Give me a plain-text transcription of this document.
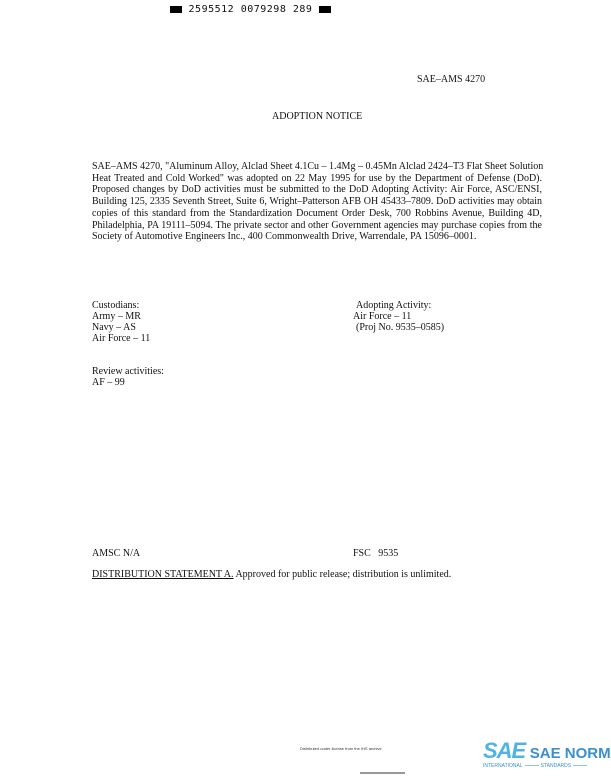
2595512 0079298 289
SAE–AMS 4270
ADOPTION NOTICE
SAE–AMS 4270, "Aluminum Alloy, Alclad Sheet 4.1Cu – 1.4Mg – 0.45Mn Alclad 2424–T3 Flat Sheet Solution
Heat Treated and Cold Worked" was adopted on 22 May 1995 for use by the Department of Defense (DoD).
Proposed changes by DoD activities must be submitted to the DoD Adopting Activity: Air Force, ASC/ENSI,
Building 125, 2335 Seventh Street, Suite 6, Wright–Patterson AFB OH 45433–7809. DoD activities may obtain
copies of this standard from the Standardization Document Order Desk, 700 Robbins Avenue, Building 4D,
Philadelphia, PA 19111–5094. The private sector and other Government agencies may purchase copies from the
Society of Automotive Engineers Inc., 400 Commonwealth Drive, Warrendale, PA 15096–0001.
Custodians:
Army – MR
Navy – AS
Air Force – 11
Adopting Activity:
Air Force – 11
(Proj No. 9535–0585)
Review activities:
AF – 99
AMSC N/A	FSC   9535
DISTRIBUTION STATEMENT A. Approved for public release; distribution is unlimited.
Distributed under license from the IHS archive	SAE SAE NORM
INTERNATIONAL	STANDARDS
